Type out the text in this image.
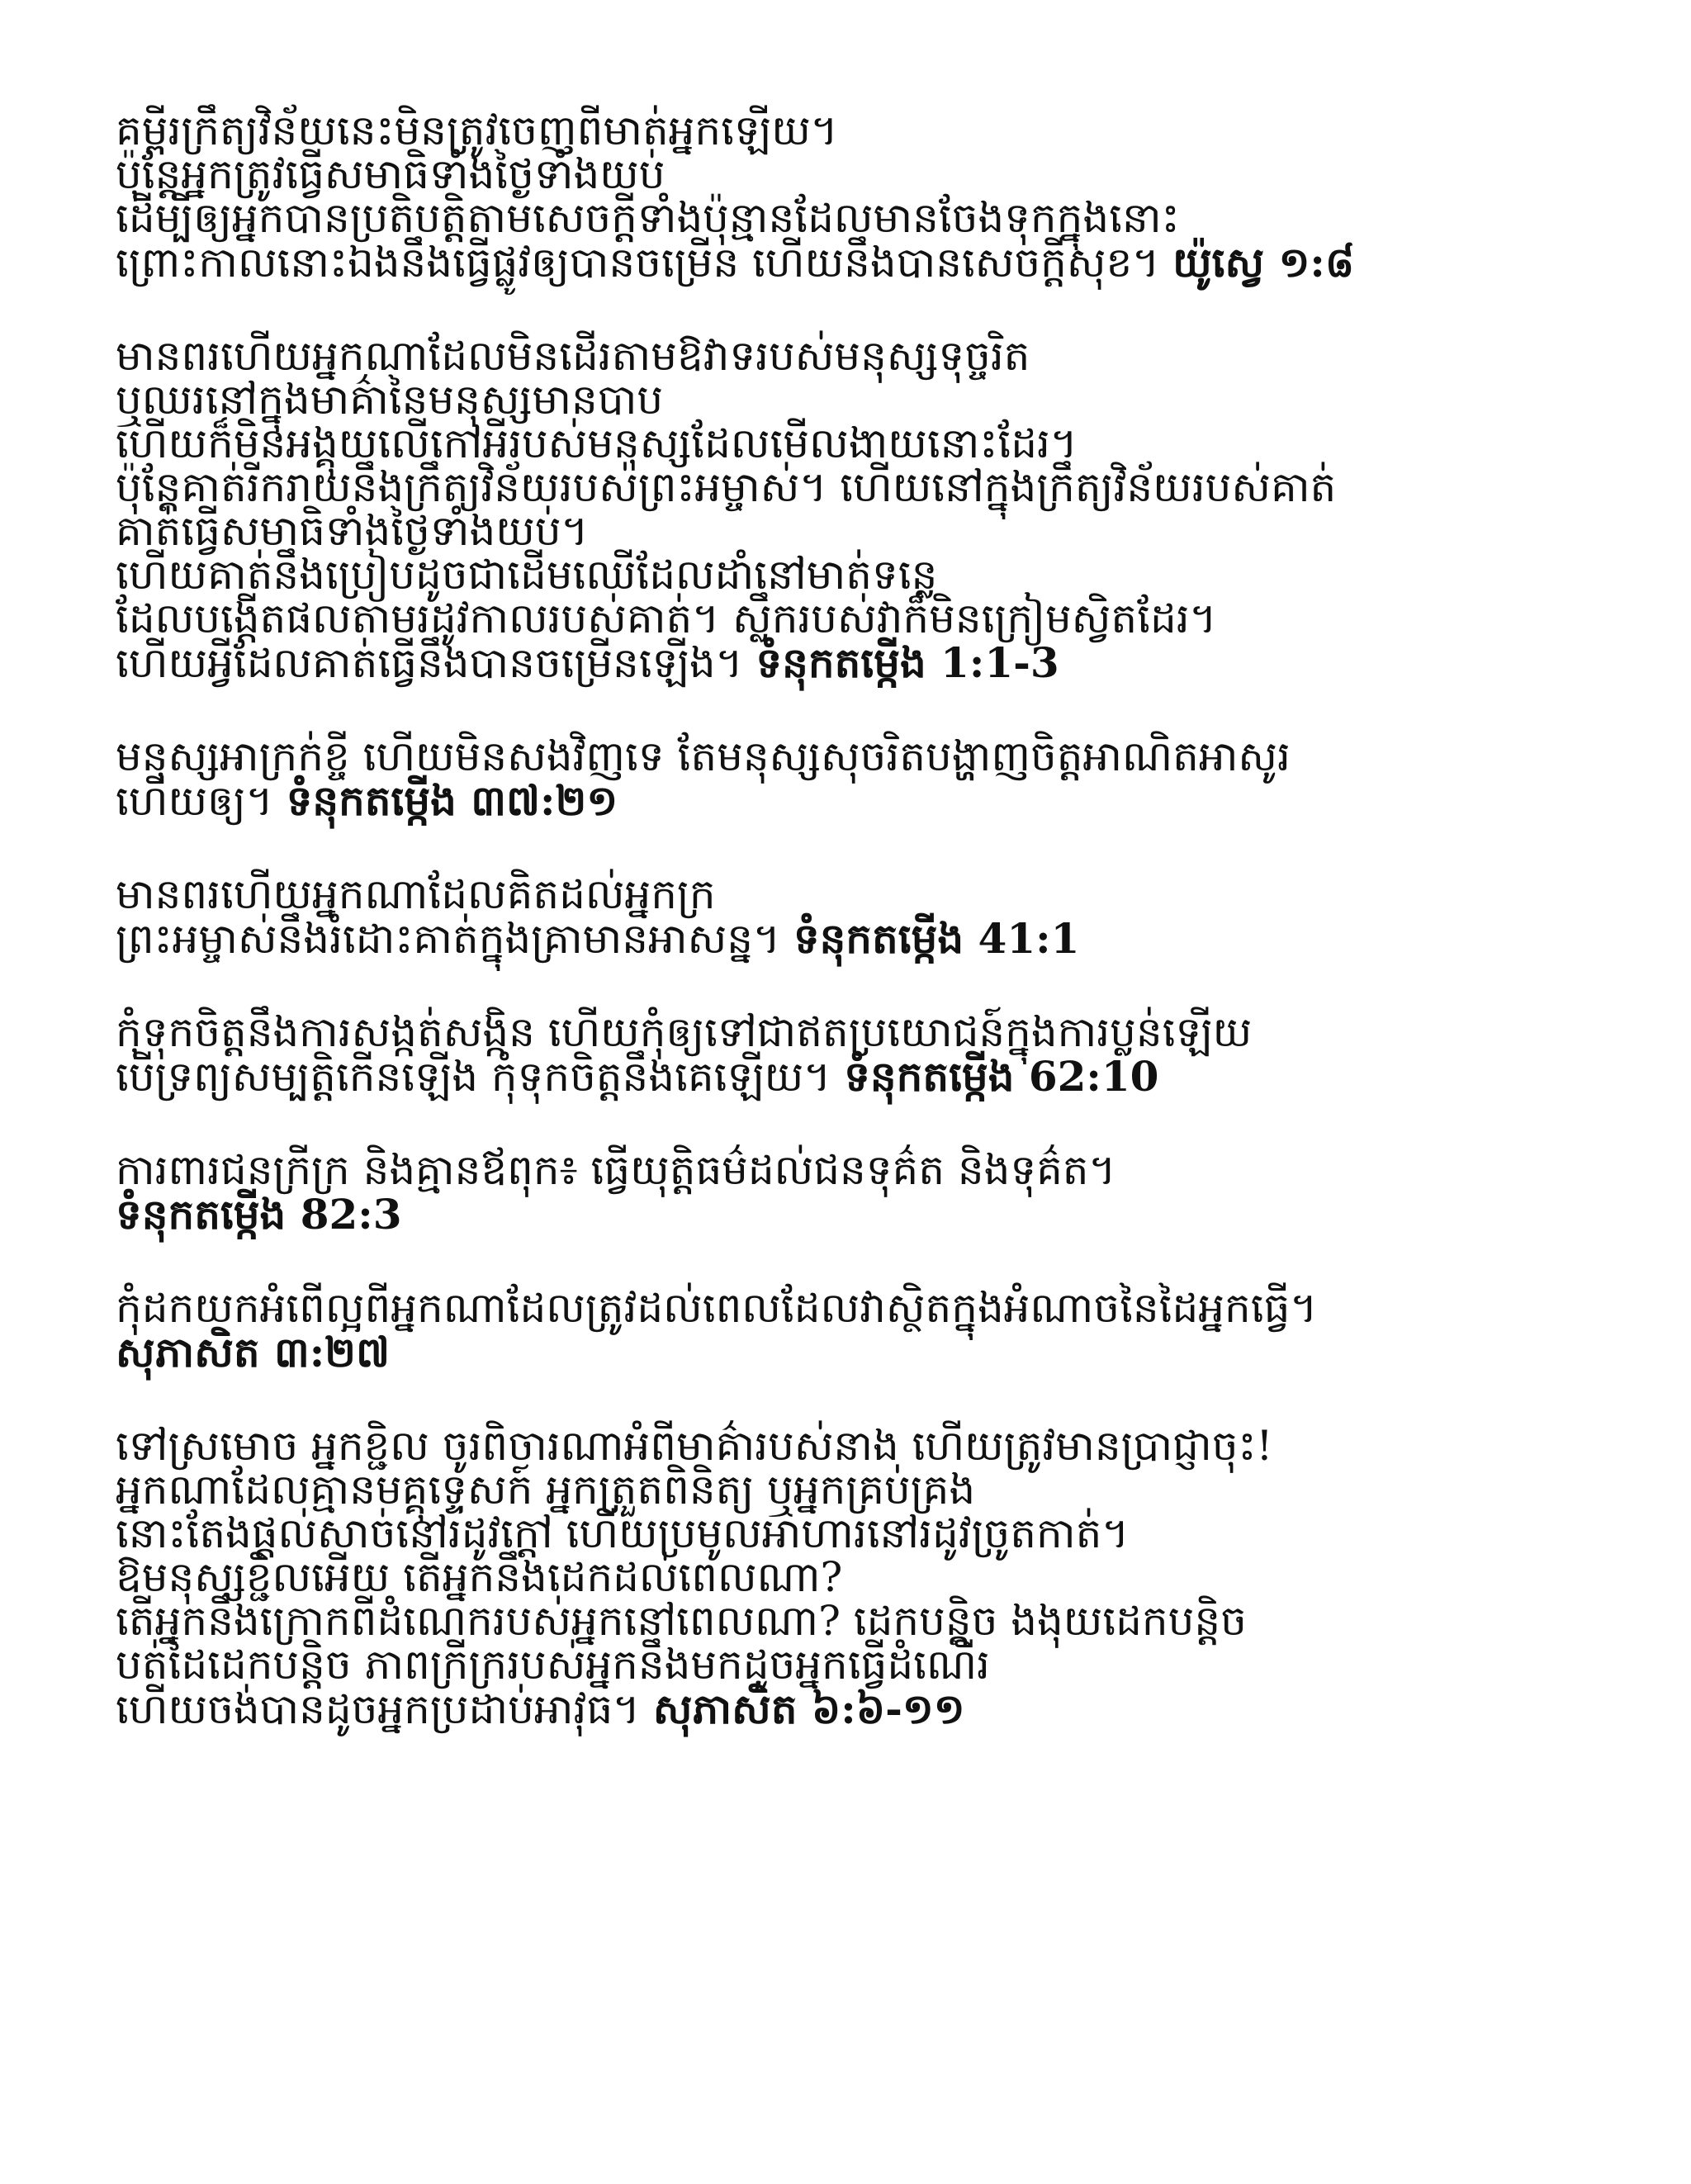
គម្ពីរក្រឹត្យវិន័យនេះមិនត្រូវចេញពីមាត់អ្នកឡើយ។
ប៉ុន្តែអ្នកត្រូវធ្វើសមាធិទាំងថ្ងៃទាំងយប់
ដើម្បីឲ្យអ្នកបានប្រតិបត្តិតាមសេចក្តីទាំងប៉ុន្មានដែលមានចែងទុកក្នុងនោះ
ព្រោះកាលនោះឯងនឹងធ្វើផ្លូវឲ្យបានចម្រើន ហើយនឹងបានសេចក្តីសុខ។ យ៉ូស្វេ ១:៨
មានពរហើយអ្នកណាដែលមិនដើរតាមឱវាទរបស់មនុស្សទុច្ចរិត
ឬឈរនៅក្នុងមាគ៌ានៃមនុស្សមានបាប
ហើយក៏មិនអង្គុយលើកៅអីរបស់មនុស្សដែលមើលងាយនោះដែរ។
ប៉ុន្តែគាត់រីករាយនឹងក្រឹត្យវិន័យរបស់ព្រះអម្ចាស់។ ហើយនៅក្នុងក្រឹត្យវិន័យរបស់គាត់
គាត់ធ្វើសមាធិទាំងថ្ងៃទាំងយប់។
ហើយគាត់នឹងប្រៀបដូចជាដើមឈើដែលដាំនៅមាត់ទន្លេ
ដែលបង្កើតផលតាមរដូវកាលរបស់គាត់។ ស្លឹករបស់វាក៏មិនក្រៀមស្វិតដែរ។
ហើយអ្វីដែលគាត់ធ្វើនឹងបានចម្រើនឡើង។ ទំនុកតម្កើង 1:1-3
មនុស្សអាក្រក់ខ្ចី ហើយមិនសងវិញទេ តែមនុស្សសុចរិតបង្ហាញចិត្តអាណិតអាសូរ
ហើយឲ្យ។ ទំនុកតម្កើង ៣៧:២១
មានពរហើយអ្នកណាដែលគិតដល់អ្នកក្រ
ព្រះអម្ចាស់នឹងរំដោះគាត់ក្នុងគ្រាមានអាសន្ន។ ទំនុកតម្កើង 41:1
កុំទុកចិត្តនឹងការសង្កត់សង្កិន ហើយកុំឲ្យទៅជាឥតប្រយោជន៍ក្នុងការប្លន់ឡើយ
បើទ្រព្យសម្បត្តិកើនឡើង កុំទុកចិត្តនឹងគេឡើយ។ ទំនុកតម្កើង 62:10
ការពារជនក្រីក្រ និងគ្មានឪពុក៖ ធ្វើយុត្តិធម៌ដល់ជនទុគ៌ត និងទុគ៌ត។
ទំនុកតម្កើង 82:3
កុំដកយកអំពើល្អពីអ្នកណាដែលត្រូវដល់ពេលដែលវាស្ថិតក្នុងអំណាចនៃដៃអ្នកធ្វើ។
សុភាសិត ៣:២៧
ទៅស្រមោច អ្នកខ្ជិល ចូរពិចារណាអំពីមាគ៌ារបស់នាង ហើយត្រូវមានប្រាជ្ញាចុះ!
អ្នកណាដែលគ្មានមគ្គុទ្ទេសក៍ អ្នកត្រួតពិនិត្យ ឬអ្នកគ្រប់គ្រង
នោះតែងផ្តល់សាច់នៅរដូវក្តៅ ហើយប្រមូលអាហារនៅរដូវច្រូតកាត់។
ឱមនុស្សខ្ជិលអើយ តើអ្នកនឹងដេកដល់ពេលណា?
តើអ្នកនឹងក្រោកពីដំណេករបស់អ្នកនៅពេលណា? ដេកបន្តិច ងងុយដេកបន្តិច
បត់ដៃដេកបន្តិច ភាពក្រីក្ររបស់អ្នកនឹងមកដូចអ្នកធ្វើដំណើរ
ហើយចង់បានដូចអ្នកប្រដាប់អាវុធ។ សុភាសិត ៦:៦-១១
